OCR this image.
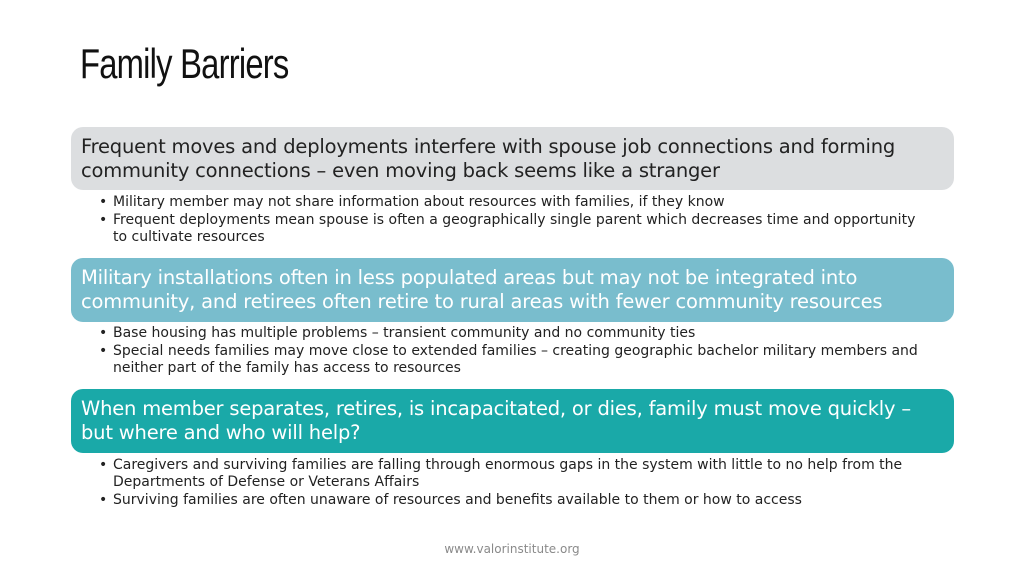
Family Barriers
Frequent moves and deployments interfere with spouse job connections and forming community connections – even moving back seems like a stranger
• Military member may not share information about resources with families, if they know
• Frequent deployments mean spouse is often a geographically single parent which decreases time and opportunity to cultivate resources
Military installations often in less populated areas but may not be integrated into community, and retirees often retire to rural areas with fewer community resources
• Base housing has multiple problems – transient community and no community ties
• Special needs families may move close to extended families – creating geographic bachelor military members and neither part of the family has access to resources
When member separates, retires, is incapacitated, or dies, family must move quickly – but where and who will help?
• Caregivers and surviving families are falling through enormous gaps in the system with little to no help from the Departments of Defense or Veterans Affairs
• Surviving families are often unaware of resources and benefits available to them or how to access
www.valorinstitute.org
